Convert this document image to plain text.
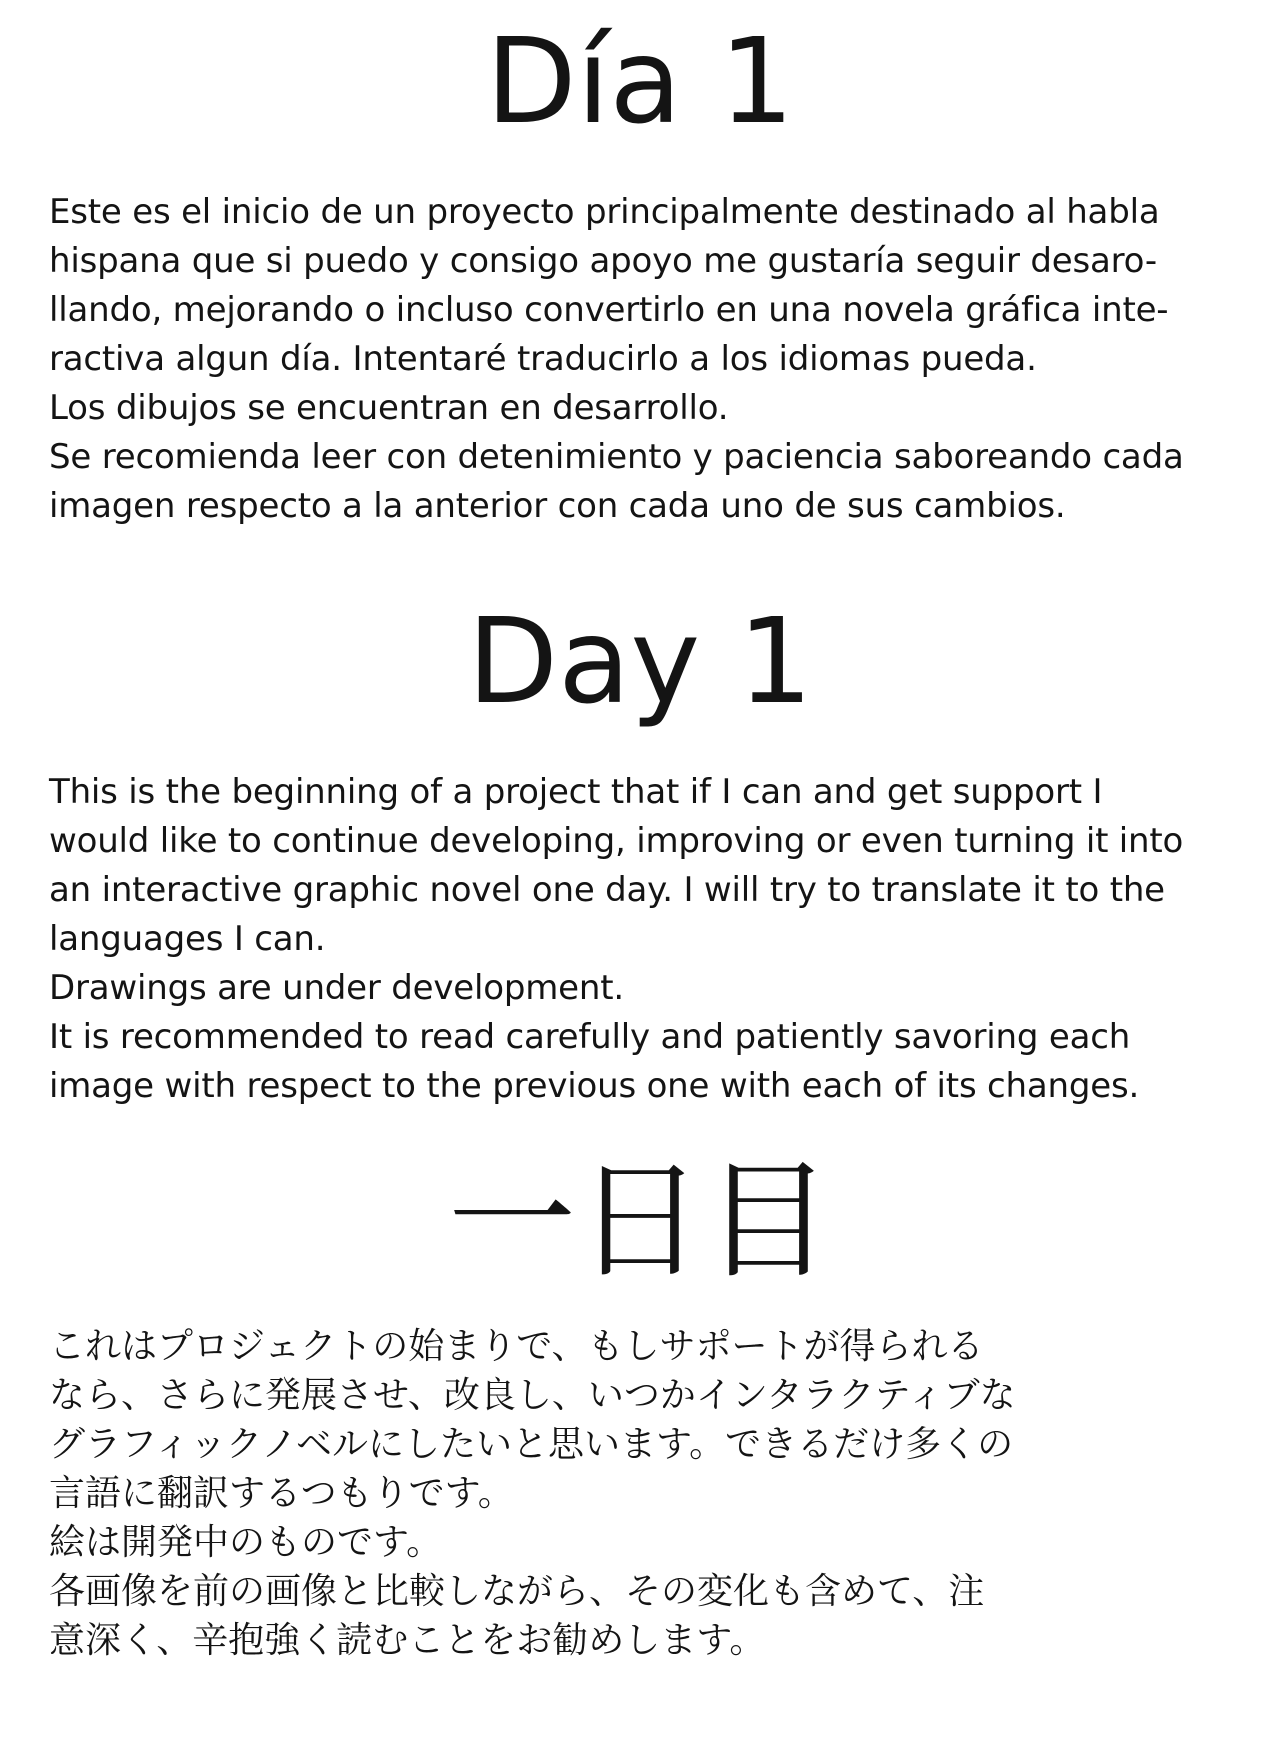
Día 1
Este es el inicio de un proyecto principalmente destinado al habla
hispana que si puedo y consigo apoyo me gustaría seguir desaro-
llando, mejorando o incluso convertirlo en una novela gráfica inte-
ractiva algun día. Intentaré traducirlo a los idiomas pueda.
Los dibujos se encuentran en desarrollo.
Se recomienda leer con detenimiento y paciencia saboreando cada
imagen respecto a la anterior con cada uno de sus cambios.
Day 1
This is the beginning of a project that if I can and get support I
would like to continue developing, improving or even turning it into
an interactive graphic novel one day. I will try to translate it to the
languages I can.
Drawings are under development.
It is recommended to read carefully and patiently savoring each
image with respect to the previous one with each of its changes.
一日目
これはプロジェクトの始まりで、もしサポートが得られる
なら、さらに発展させ、改良し、いつかインタラクティブな
グラフィックノベルにしたいと思います。できるだけ多くの
言語に翻訳するつもりです。
絵は開発中のものです。
各画像を前の画像と比較しながら、その変化も含めて、注
意深く、辛抱強く読むことをお勧めします。
